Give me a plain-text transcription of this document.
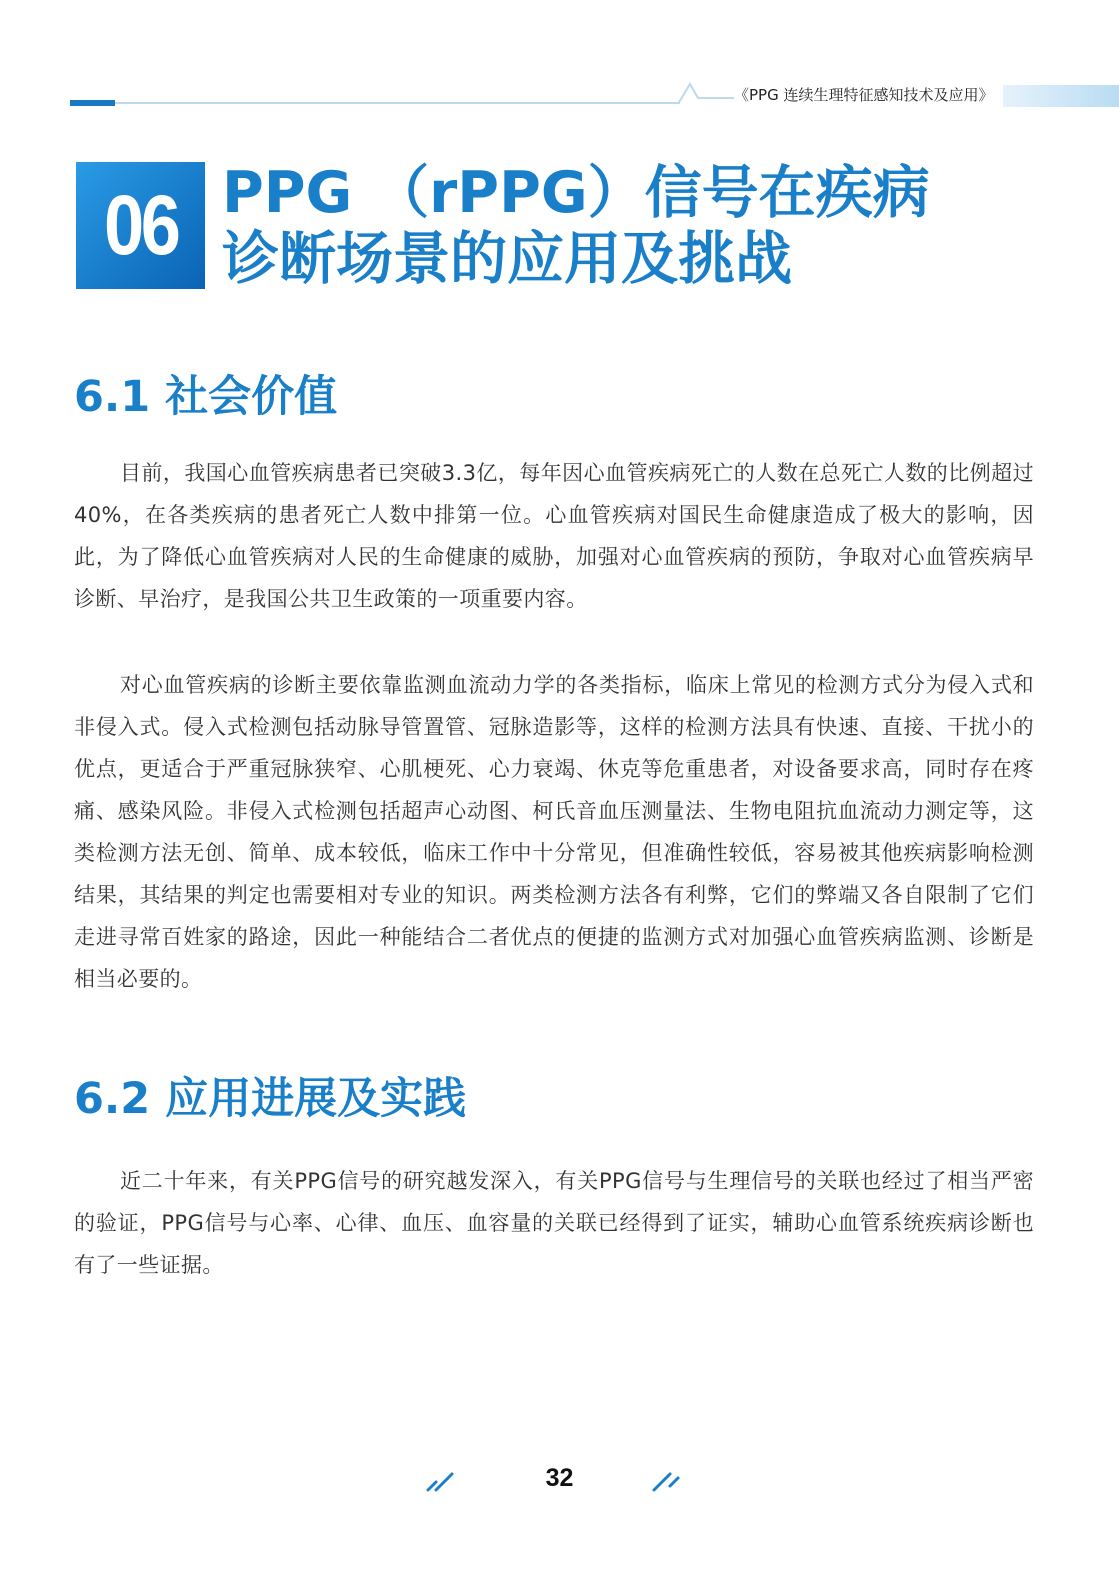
《PPG 连续生理特征感知技术及应用》
06 PPG （rPPG）信号在疾病
诊断场景的应用及挑战
6.1 社会价值
目前，我国心血管疾病患者已突破3.3亿，每年因心血管疾病死亡的人数在总死亡人数的比例超过40%，在各类疾病的患者死亡人数中排第一位。心血管疾病对国民生命健康造成了极大的影响，因此，为了降低心血管疾病对人民的生命健康的威胁，加强对心血管疾病的预防，争取对心血管疾病早诊断、早治疗，是我国公共卫生政策的一项重要内容。
对心血管疾病的诊断主要依靠监测血流动力学的各类指标，临床上常见的检测方式分为侵入式和非侵入式。侵入式检测包括动脉导管置管、冠脉造影等，这样的检测方法具有快速、直接、干扰小的优点，更适合于严重冠脉狭窄、心肌梗死、心力衰竭、休克等危重患者，对设备要求高，同时存在疼痛、感染风险。非侵入式检测包括超声心动图、柯氏音血压测量法、生物电阻抗血流动力测定等，这类检测方法无创、简单、成本较低，临床工作中十分常见，但准确性较低，容易被其他疾病影响检测结果，其结果的判定也需要相对专业的知识。两类检测方法各有利弊，它们的弊端又各自限制了它们走进寻常百姓家的路途，因此一种能结合二者优点的便捷的监测方式对加强心血管疾病监测、诊断是相当必要的。
6.2 应用进展及实践
近二十年来，有关PPG信号的研究越发深入，有关PPG信号与生理信号的关联也经过了相当严密的验证，PPG信号与心率、心律、血压、血容量的关联已经得到了证实，辅助心血管系统疾病诊断也有了一些证据。
32
